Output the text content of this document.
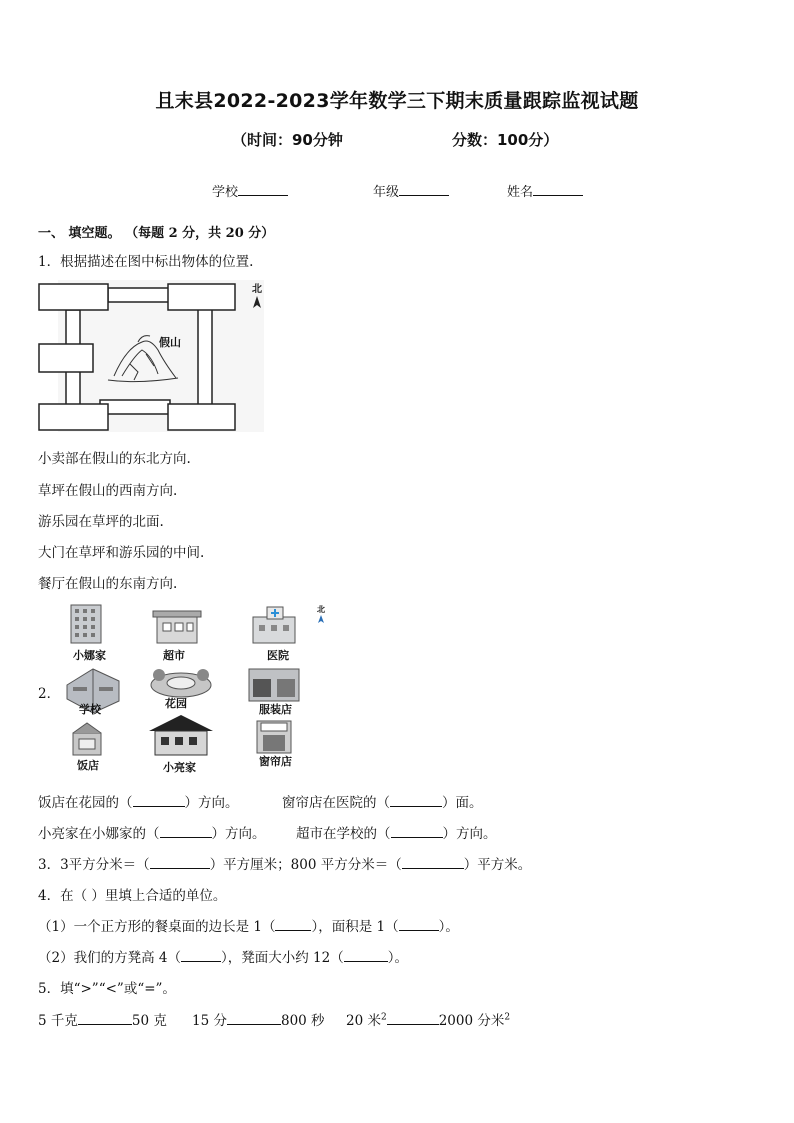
且末县2022-2023学年数学三下期末质量跟踪监视试题
（时间：90分钟	分数：100分）
学校	年级	姓名
一、 填空题。 （每题 2 分，共 20 分）
1．根据描述在图中标出物体的位置.
假山
北
小卖部在假山的东北方向.
草坪在假山的西南方向.
游乐园在草坪的北面.
大门在草坪和游乐园的中间.
餐厅在假山的东南方向.
2．
小娜家	超市	医院
北
学校	花园	服装店
饭店	小亮家	窗帘店
饭店在花园的（	）方向。	窗帘店在医院的（	）面。
小亮家在小娜家的（	）方向。 超市在学校的（	）方向。
3．3平方分米＝（	）平方厘米；800 平方分米＝（	）平方米。
4．在（ ）里填上合适的单位。
（1）一个正方形的餐桌面的边长是 1（	），面积是 1（	）。
（2）我们的方凳高 4（	），凳面大小约 12（	）。
5．填“>”“<”或“=”。
5 千克	50 克 15 分	800 秒 20 米$^2$	2000 分米$^2$
